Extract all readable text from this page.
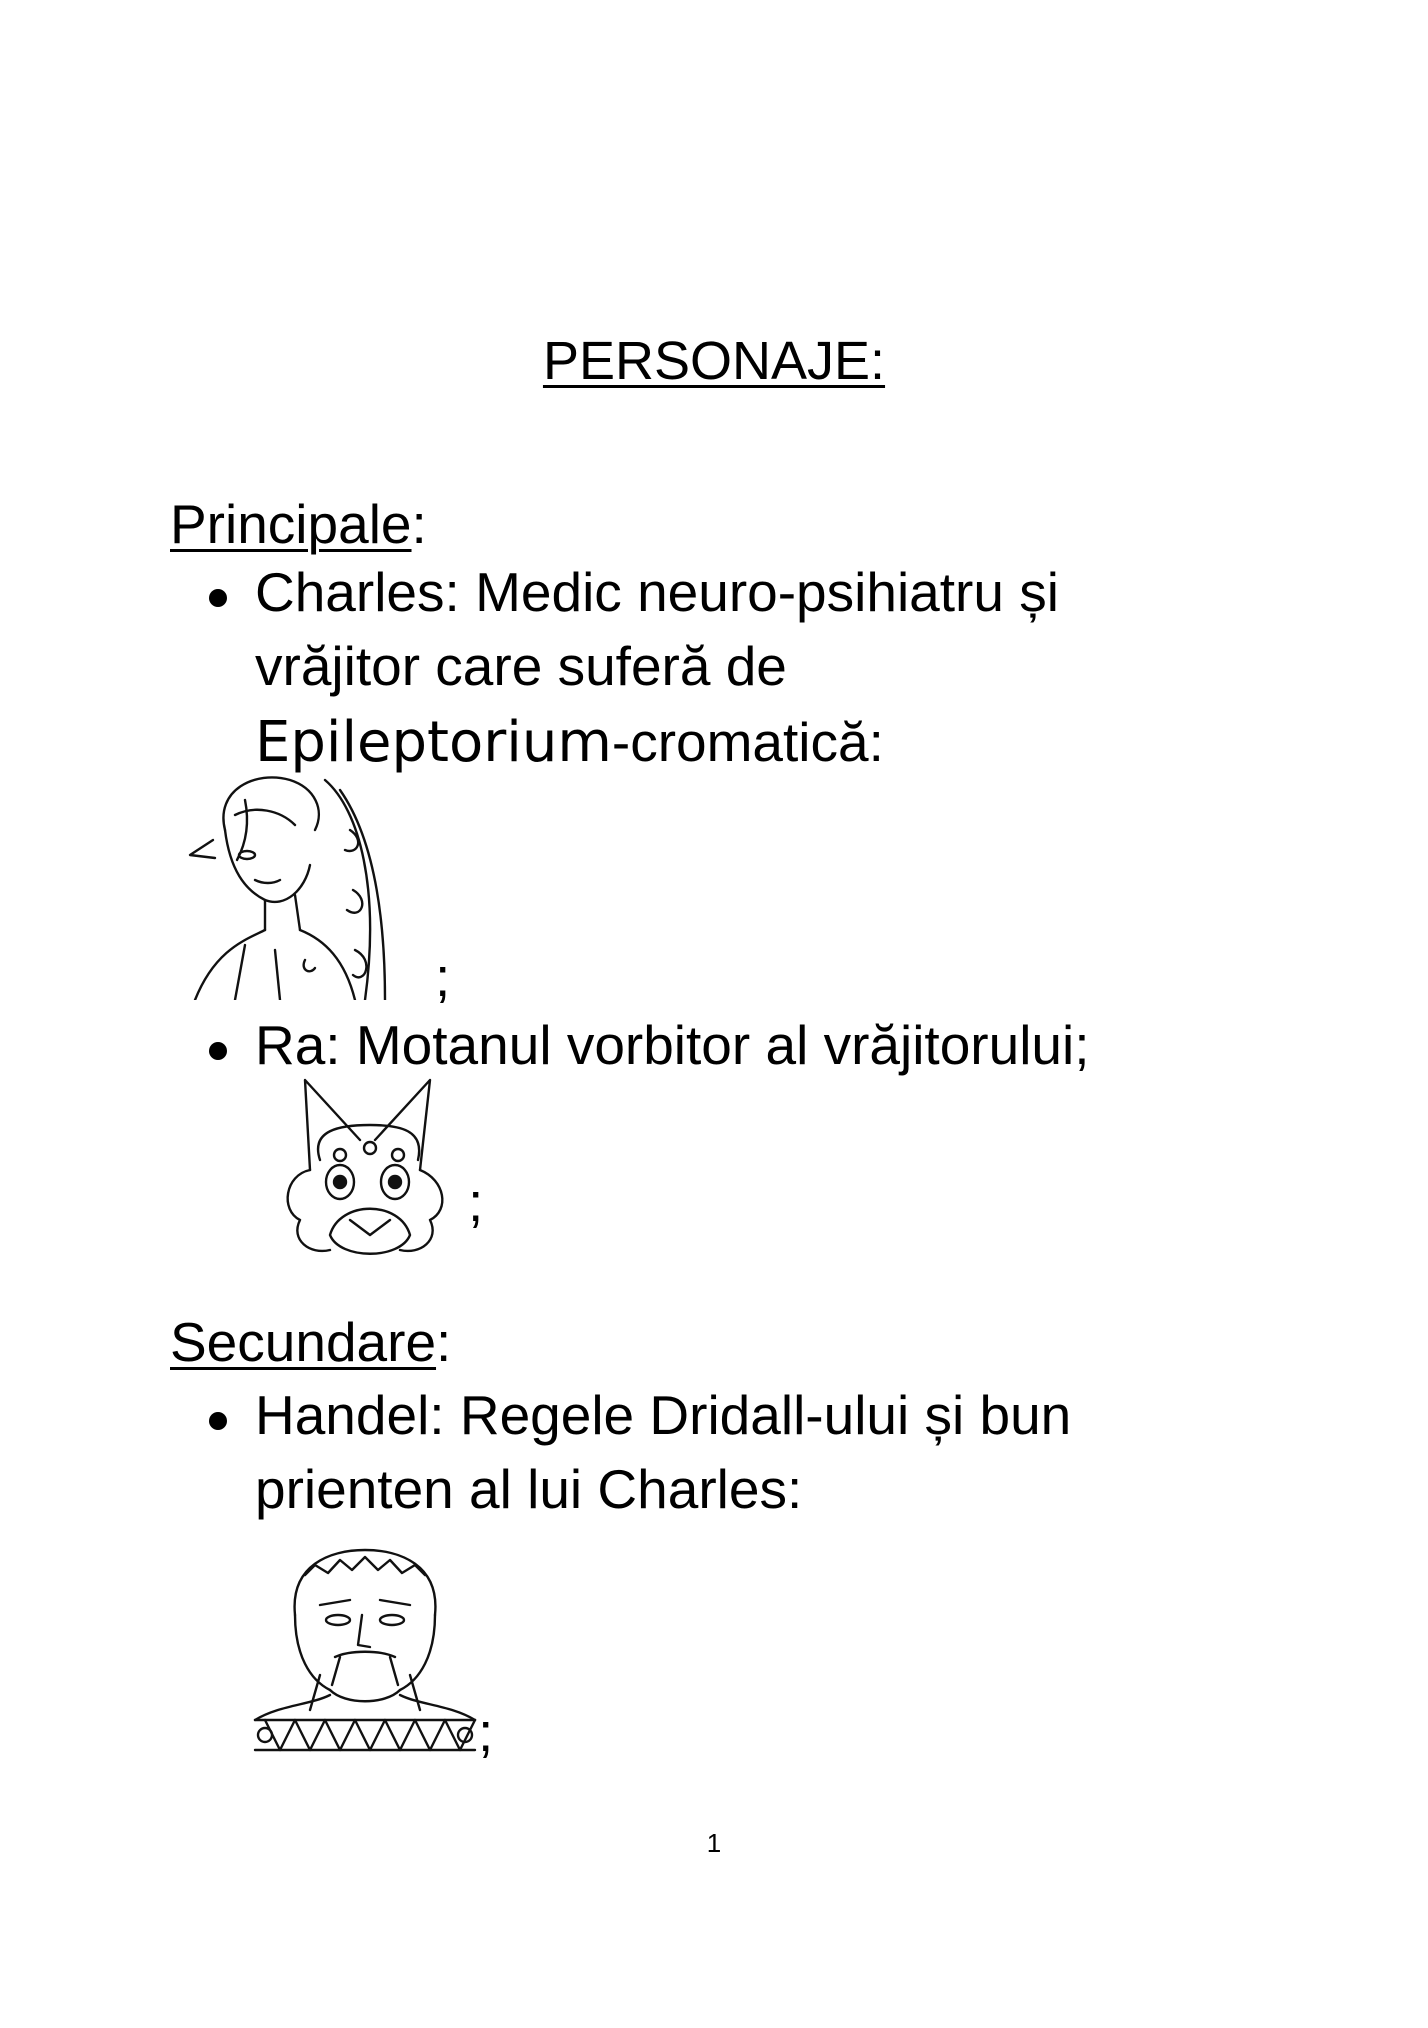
PERSONAJE:
Principale:
Charles: Medic neuro-psihiatru și
vrăjitor care suferă de
Epileptorium-cromatică:
;
Ra: Motanul vorbitor al vrăjitorului;
;
Secundare:
Handel: Regele Dridall-ului și bun
prienten al lui Charles:
;
1
